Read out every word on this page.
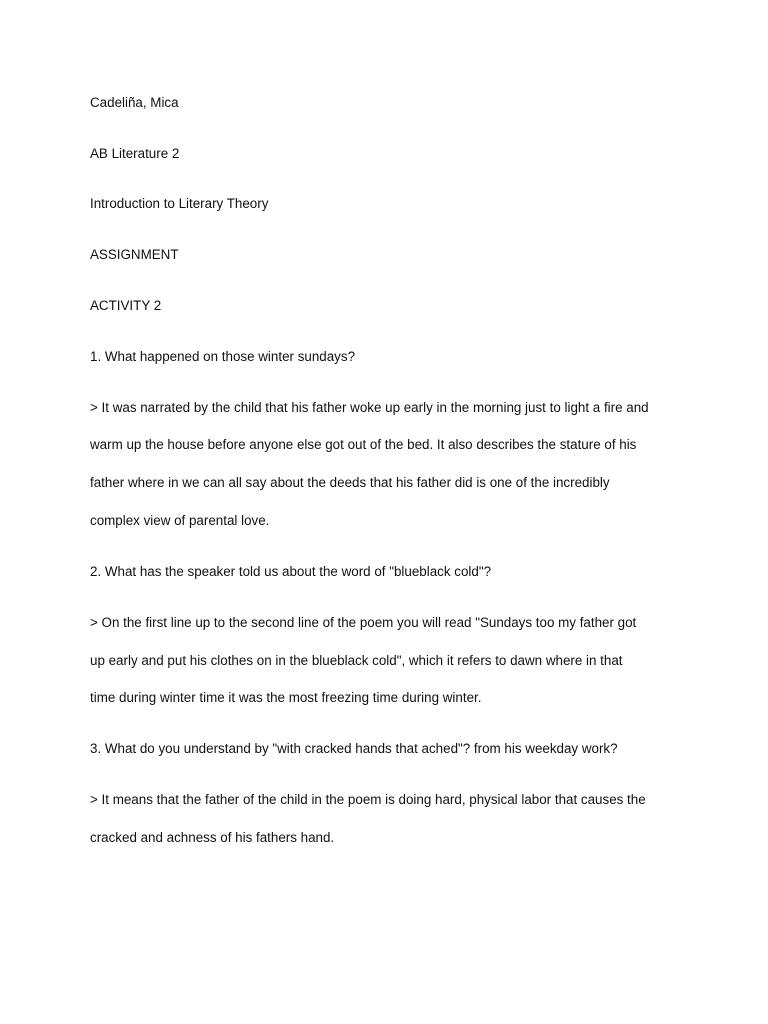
Cadeliña, Mica

AB Literature 2

Introduction to Literary Theory

ASSIGNMENT

ACTIVITY 2

1. What happened on those winter sundays?

> It was narrated by the child that his father woke up early in the morning just to light a fire and

warm up the house before anyone else got out of the bed. It also describes the stature of his

father where in we can all say about the deeds that his father did is one of the incredibly

complex view of parental love.

2. What has the speaker told us about the word of "blueblack cold"?

> On the first line up to the second line of the poem you will read "Sundays too my father got

up early and put his clothes on in the blueblack cold", which it refers to dawn where in that

time during winter time it was the most freezing time during winter.

3. What do you understand by "with cracked hands that ached"? from his weekday work?

> It means that the father of the child in the poem is doing hard, physical labor that causes the

cracked and achness of his fathers hand.
